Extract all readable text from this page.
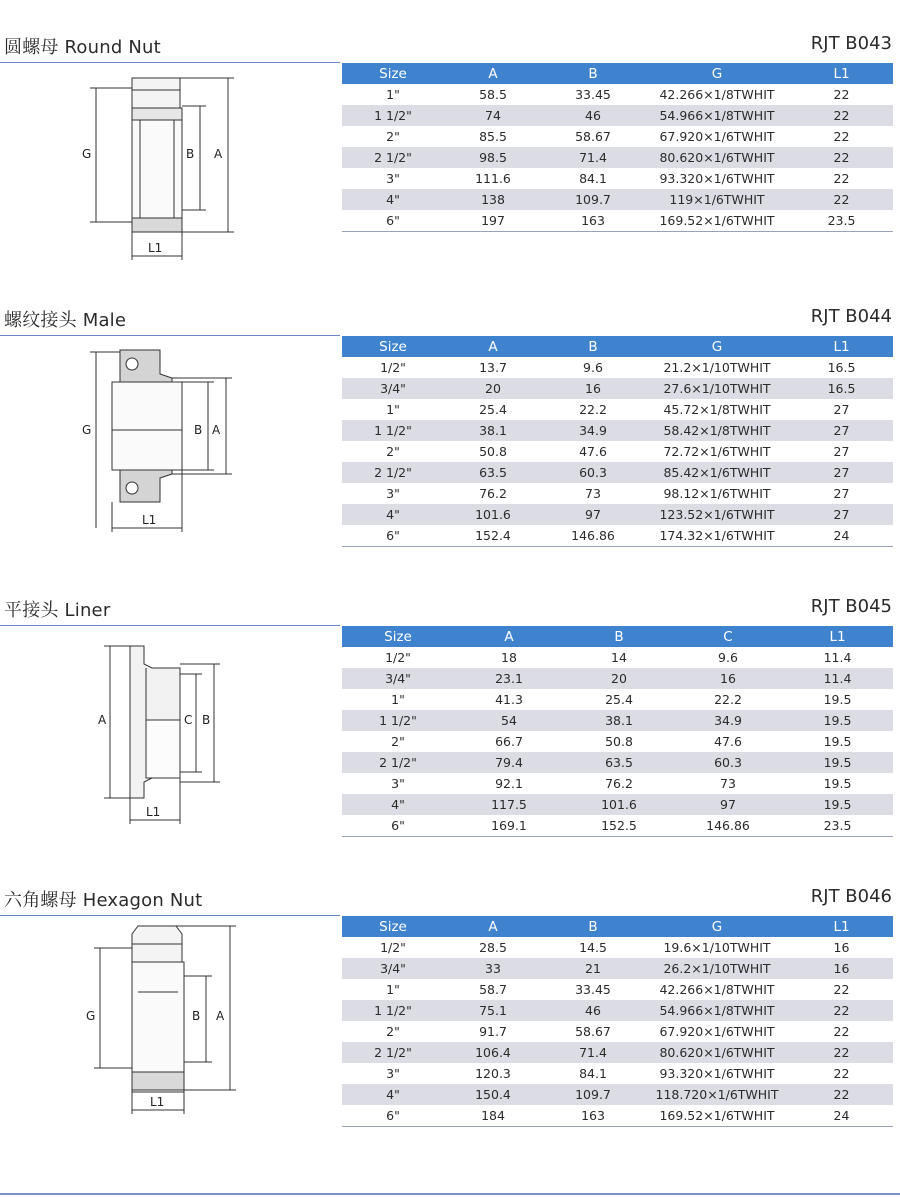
圆螺母 Round Nut	RJT B043
G	B A
L1
Size	A	B	G	L1
1"	58.5	33.45	42.266×1/8TWHIT	22
1 1/2"	74	46	54.966×1/8TWHIT	22
2"	85.5	58.67	67.920×1/6TWHIT	22
2 1/2"	98.5	71.4	80.620×1/6TWHIT	22
3"	111.6	84.1	93.320×1/6TWHIT	22
4"	138	109.7	119×1/6TWHIT	22
6"	197	163	169.52×1/6TWHIT	23.5
螺纹接头 Male	RJT B044
G	B A
L1
Size	A	B	G	L1
1/2"	13.7	9.6	21.2×1/10TWHIT	16.5
3/4"	20	16	27.6×1/10TWHIT	16.5
1"	25.4	22.2	45.72×1/8TWHIT	27
1 1/2"	38.1	34.9	58.42×1/8TWHIT	27
2"	50.8	47.6	72.72×1/6TWHIT	27
2 1/2"	63.5	60.3	85.42×1/6TWHIT	27
3"	76.2	73	98.12×1/6TWHIT	27
4"	101.6	97	123.52×1/6TWHIT	27
6"	152.4	146.86	174.32×1/6TWHIT	24
平接头 Liner	RJT B045
A	C B
L1
Size	A	B	C	L1
1/2"	18	14	9.6	11.4
3/4"	23.1	20	16	11.4
1"	41.3	25.4	22.2	19.5
1 1/2"	54	38.1	34.9	19.5
2"	66.7	50.8	47.6	19.5
2 1/2"	79.4	63.5	60.3	19.5
3"	92.1	76.2	73	19.5
4"	117.5	101.6	97	19.5
6"	169.1	152.5	146.86	23.5
六角螺母 Hexagon Nut	RJT B046
G	B A
L1
Size	A	B	G	L1
1/2"	28.5	14.5	19.6×1/10TWHIT	16
3/4"	33	21	26.2×1/10TWHIT	16
1"	58.7	33.45	42.266×1/8TWHIT	22
1 1/2"	75.1	46	54.966×1/8TWHIT	22
2"	91.7	58.67	67.920×1/6TWHIT	22
2 1/2"	106.4	71.4	80.620×1/6TWHIT	22
3"	120.3	84.1	93.320×1/6TWHIT	22
4"	150.4	109.7	118.720×1/6TWHIT	22
6"	184	163	169.52×1/6TWHIT	24
